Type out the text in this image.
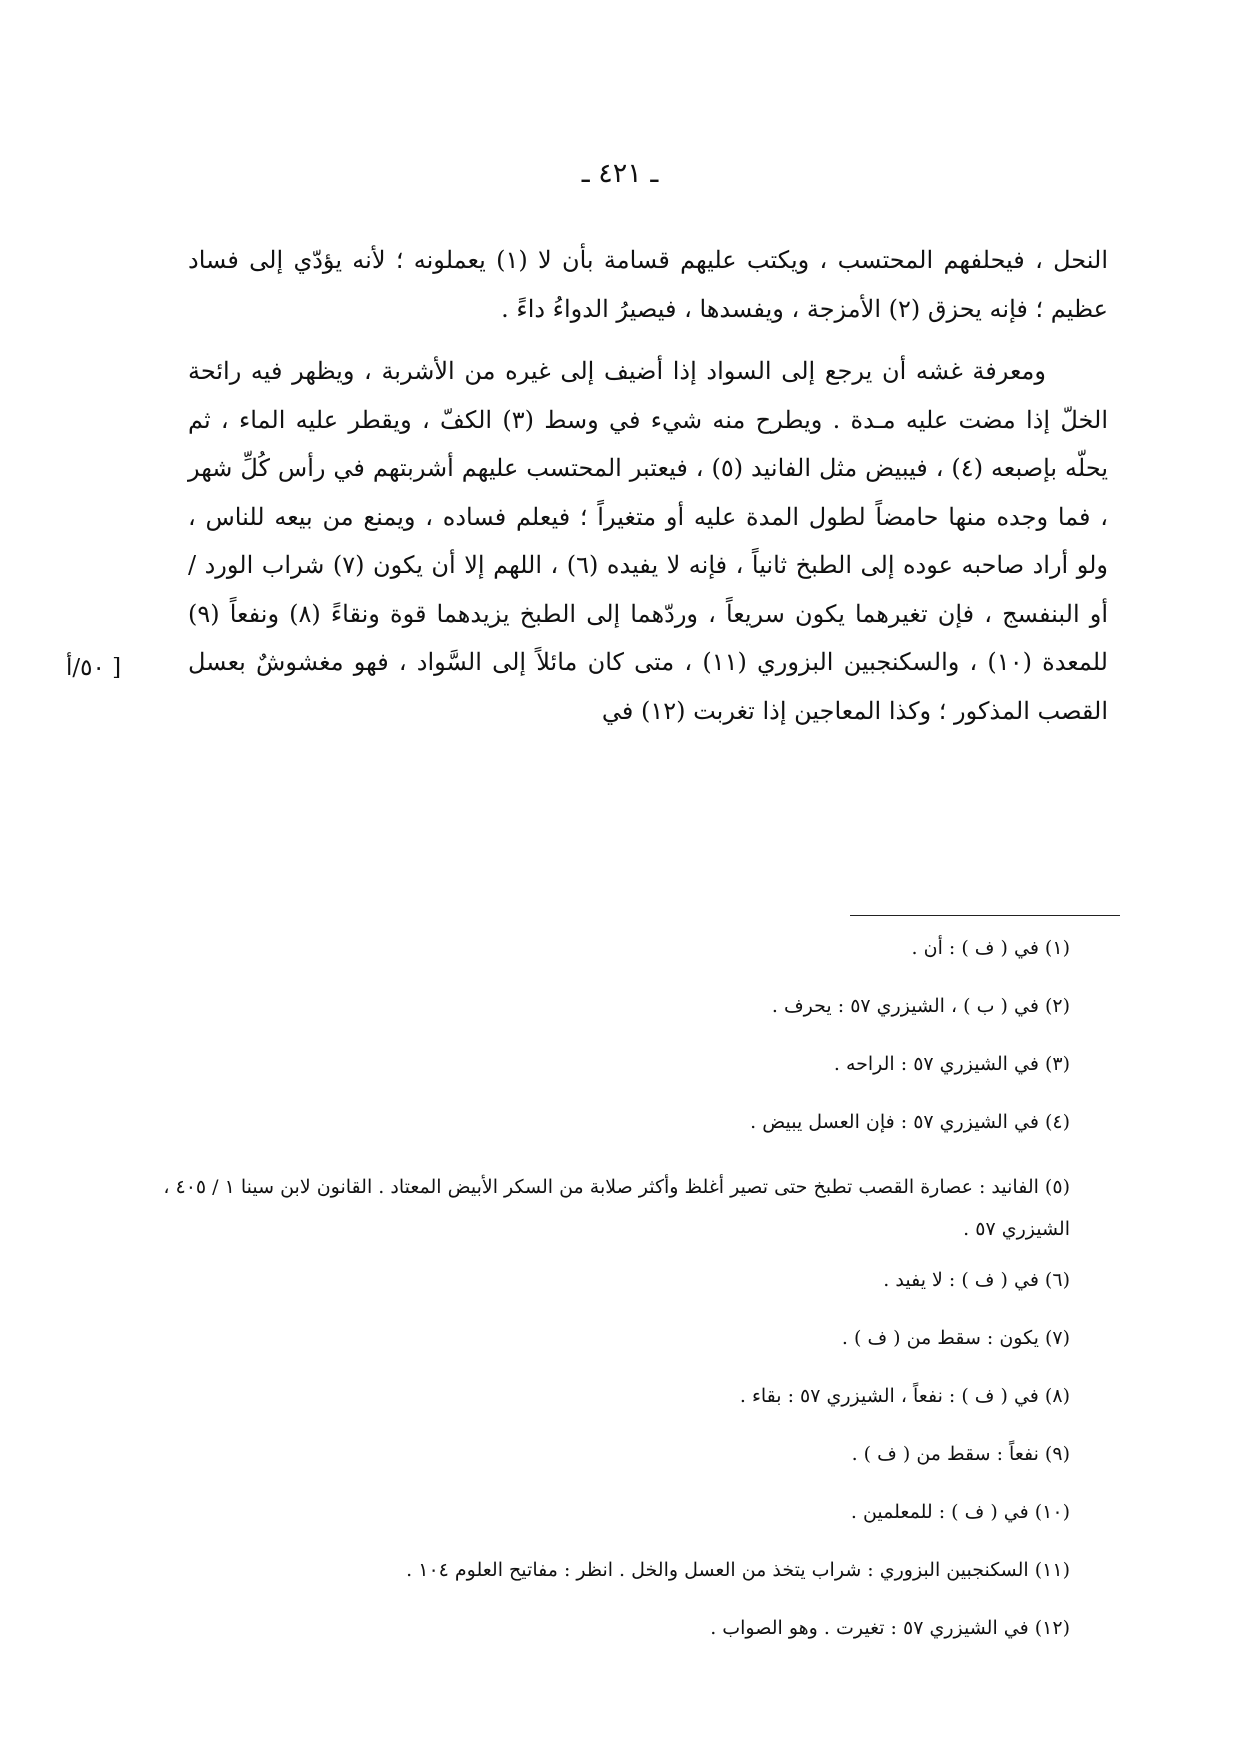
ـ ٤٢١ ـ

النحل ، فيحلفهم المحتسب ، ويكتب عليهم قسامة بأن لا (١) يعملونه ؛ لأنه يؤدّي إلى فساد عظيم ؛ فإنه يحزق (٢) الأمزجة ، ويفسدها ، فيصيرُ الدواءُ داءً .

ومعرفة غشه أن يرجع إلى السواد إذا أضيف إلى غيره من الأشربة ، ويظهر فيه رائحة الخلّ إذا مضت عليه مـدة . ويطرح منه شيء في وسط (٣) الكفّ ، ويقطر عليه الماء ، ثم يحلّه بإصبعه (٤) ، فيبيض مثل الفانيد (٥) ، فيعتبر المحتسب عليهم أشربتهم في رأس كُلِّ شهر ، فما وجده منها حامضاً لطول المدة عليه أو متغيراً ؛ فيعلم فساده ، ويمنع من بيعه للناس ، ولو أراد صاحبه عوده إلى الطبخ ثانياً ، فإنه لا يفيده (٦) ، اللهم إلا أن يكون (٧) شراب الورد / أو البنفسج ، فإن تغيرهما يكون سريعاً ، وردّهما إلى الطبخ يزيدهما قوة ونقاءً (٨) ونفعاً (٩) للمعدة (١٠) ، والسكنجبين البزوري (١١) ، متى كان مائلاً إلى السَّواد ، فهو مغشوشٌ بعسل القصب المذكور ؛ وكذا المعاجين إذا تغربت (١٢) في

[ ٥٠/أ
(١) في ( ف ) : أن .
(٢) في ( ب ) ، الشيزري ٥٧ : يحرف .
(٣) في الشيزري ٥٧ : الراحه .
(٤) في الشيزري ٥٧ : فإن العسل يبيض .
(٥) الفانيد : عصارة القصب تطبخ حتى تصير أغلظ وأكثر صلابة من السكر الأبيض المعتاد . القانون لابن سينا ١ / ٤٠٥ ، الشيزري ٥٧ .
(٦) في ( ف ) : لا يفيد .
(٧) يكون : سقط من ( ف ) .
(٨) في ( ف ) : نفعاً ، الشيزري ٥٧ : بقاء .
(٩) نفعاً : سقط من ( ف ) .
(١٠) في ( ف ) : للمعلمين .
(١١) السكنجبين البزوري : شراب يتخذ من العسل والخل . انظر : مفاتيح العلوم ١٠٤ .
(١٢) في الشيزري ٥٧ : تغيرت . وهو الصواب .
